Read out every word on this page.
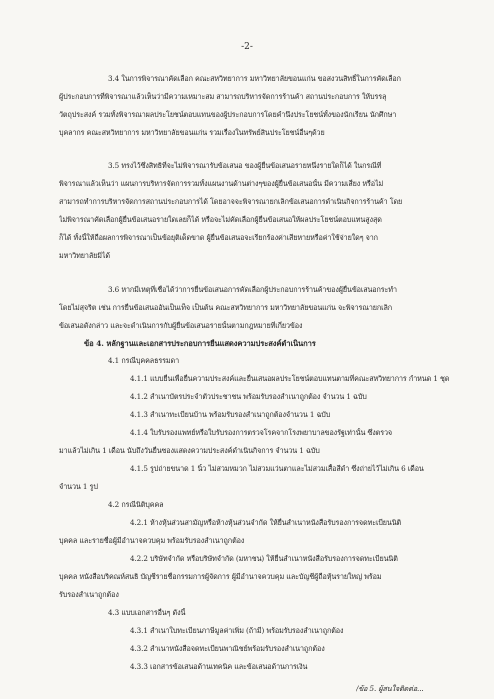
-2-
3.4 ในการพิจารณาคัดเลือก คณะสหวิทยาการ มหาวิทยาลัยขอนแก่น ขอสงวนสิทธิ์ในการคัดเลือก
ผู้ประกอบการที่พิจารณาแล้วเห็นว่ามีความเหมาะสม สามารถบริหารจัดการร้านค้า สถานประกอบการ ให้บรรลุ
วัตถุประสงค์ รวมทั้งพิจารณาผลประโยชน์ตอบแทนของผู้ประกอบการโดยคำนึงประโยชน์ทั้งของนักเรียน นักศึกษา
บุคลากร คณะสหวิทยาการ มหาวิทยาลัยขอนแก่น รวมเรื่องในทรัพย์สินประโยชน์อื่นๆด้วย
3.5 ทรงไว้ซึ่งสิทธิที่จะไม่พิจารณารับข้อเสนอ ของผู้ยื่นข้อเสนอรายหนึ่งรายใดก็ได้ ในกรณีที่
พิจารณาแล้วเห็นว่า แผนการบริหารจัดการรวมทั้งแผนงานด้านต่างๆของผู้ยื่นข้อเสนอนั้น มีความเสี่ยง หรือไม่
สามารถทำการบริหารจัดการสถานประกอบการได้ โดยอาจจะพิจารณายกเลิกข้อเสนอการดำเนินกิจการร้านค้า โดย
ไม่พิจารณาคัดเลือกผู้ยื่นข้อเสนอรายใดเลยก็ได้ หรือจะไม่คัดเลือกผู้ยื่นข้อเสนอให้ผลประโยชน์ตอบแทนสูงสุด
ก็ได้ ทั้งนี้ให้ถือผลการพิจารณาเป็นข้อยุติเด็ดขาด ผู้ยื่นข้อเสนอจะเรียกร้องค่าเสียหายหรือค่าใช้จ่ายใดๆ จาก
มหาวิทยาลัยมิได้
3.6 หากมีเหตุที่เชื่อได้ว่าการยื่นข้อเสนอการคัดเลือกผู้ประกอบการร้านค้าของผู้ยื่นข้อเสนอกระทำ
โดยไม่สุจริต เช่น การยื่นข้อเสนออันเป็นเท็จ เป็นต้น คณะสหวิทยาการ มหาวิทยาลัยขอนแก่น จะพิจารณายกเลิก
ข้อเสนอดังกล่าว และจะดำเนินการกับผู้ยื่นข้อเสนอรายนั้นตามกฎหมายที่เกี่ยวข้อง
ข้อ 4. หลักฐานและเอกสารประกอบการยื่นแสดงความประสงค์ดำเนินการ
4.1 กรณีบุคคลธรรมดา
4.1.1 แบบยื่นเพื่อยื่นความประสงค์และยื่นเสนอผลประโยชน์ตอบแทนตามที่คณะสหวิทยาการ กำหนด 1 ชุด
4.1.2 สำเนาบัตรประจำตัวประชาชน พร้อมรับรองสำเนาถูกต้อง จำนวน 1 ฉบับ
4.1.3 สำเนาทะเบียนบ้าน พร้อมรับรองสำเนาถูกต้องจำนวน 1 ฉบับ
4.1.4 ใบรับรองแพทย์หรือใบรับรองการตรวจโรคจากโรงพยาบาลของรัฐเท่านั้น ซึ่งตรวจ
มาแล้วไม่เกิน 1 เดือน นับถึงวันยื่นซองแสดงความประสงค์ดำเนินกิจการ จำนวน 1 ฉบับ
4.1.5 รูปถ่ายขนาด 1 นิ้ว ไม่สวมหมวก ไม่สวมแว่นตาและไม่สวมเสื้อสีดำ ซึ่งถ่ายไว้ไม่เกิน 6 เดือน
จำนวน 1 รูป
4.2 กรณีนิติบุคคล
4.2.1 ห้างหุ้นส่วนสามัญหรือห้างหุ้นส่วนจำกัด ให้ยื่นสำเนาหนังสือรับรองการจดทะเบียนนิติ
บุคคล และรายชื่อผู้มีอำนาจควบคุม พร้อมรับรองสำเนาถูกต้อง
4.2.2 บริษัทจำกัด หรือบริษัทจำกัด (มหาชน) ให้ยื่นสำเนาหนังสือรับรองการจดทะเบียนนิติ
บุคคล หนังสือบริคณห์สนธิ บัญชีรายชื่อกรรมการผู้จัดการ ผู้มีอำนาจควบคุม และบัญชีผู้ถือหุ้นรายใหญ่ พร้อม
รับรองสำเนาถูกต้อง
4.3 แบบเอกสารอื่นๆ ดังนี้
4.3.1 สำเนาใบทะเบียนภาษีมูลค่าเพิ่ม (ถ้ามี) พร้อมรับรองสำเนาถูกต้อง
4.3.2 สำเนาหนังสือจดทะเบียนพาณิชย์พร้อมรับรองสำเนาถูกต้อง
4.3.3 เอกสารข้อเสนอด้านเทคนิค และข้อเสนอด้านการเงิน
/ข้อ 5. ผู้สนใจติดต่อ...
